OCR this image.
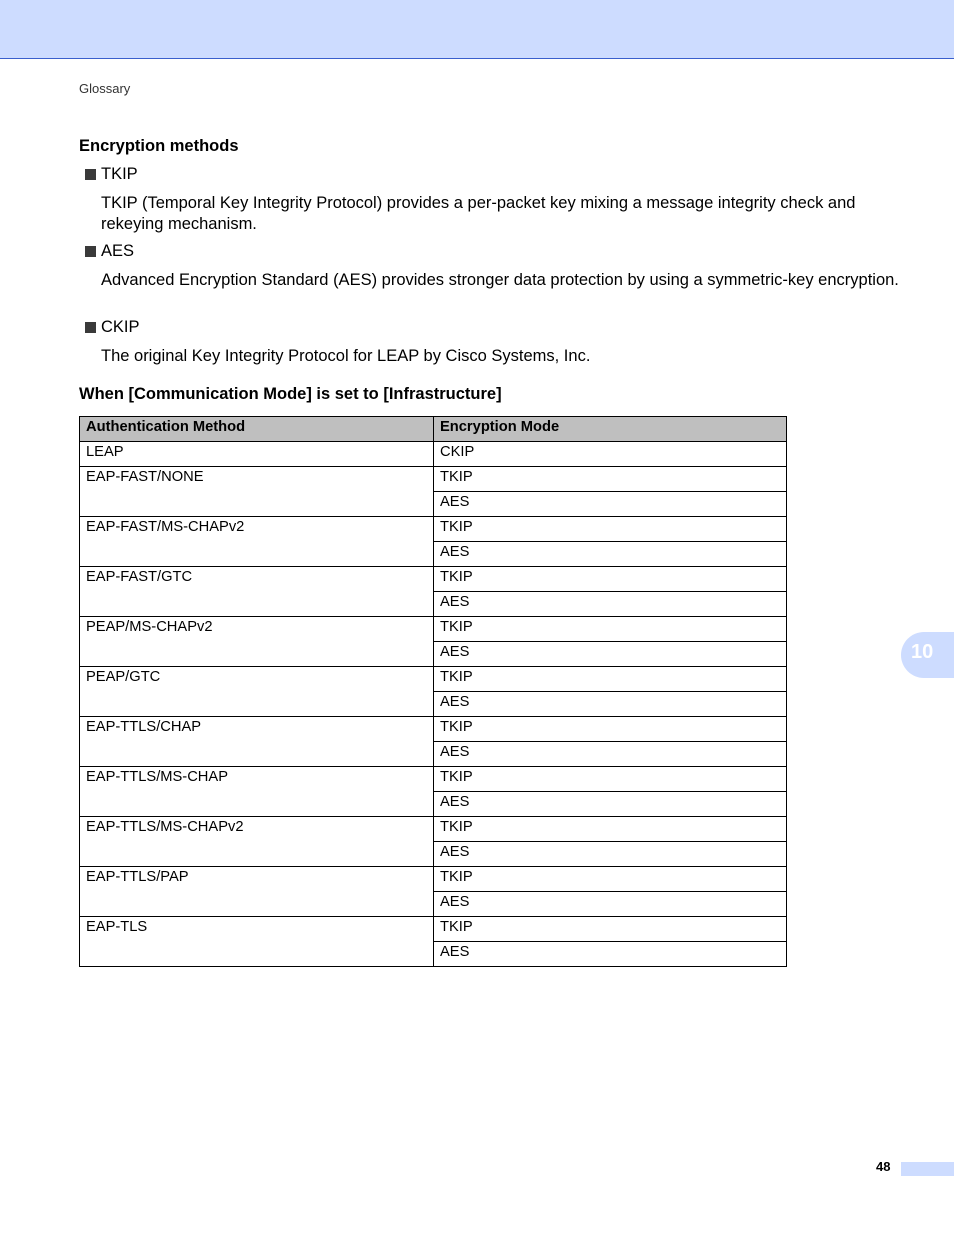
Glossary
Encryption methods
TKIP
TKIP (Temporal Key Integrity Protocol) provides a per-packet key mixing a message integrity check and rekeying mechanism.
AES
Advanced Encryption Standard (AES) provides stronger data protection by using a symmetric-key encryption.
CKIP
The original Key Integrity Protocol for LEAP by Cisco Systems, Inc.
When [Communication Mode] is set to [Infrastructure]
Authentication Method	Encryption Mode
LEAP	CKIP
EAP-FAST/NONE	TKIP
	AES
EAP-FAST/MS-CHAPv2	TKIP
	AES
EAP-FAST/GTC	TKIP
	AES
PEAP/MS-CHAPv2	TKIP
	AES
PEAP/GTC	TKIP
	AES
EAP-TTLS/CHAP	TKIP
	AES
EAP-TTLS/MS-CHAP	TKIP
	AES
EAP-TTLS/MS-CHAPv2	TKIP
	AES
EAP-TTLS/PAP	TKIP
	AES
EAP-TLS	TKIP
	AES
10
48
